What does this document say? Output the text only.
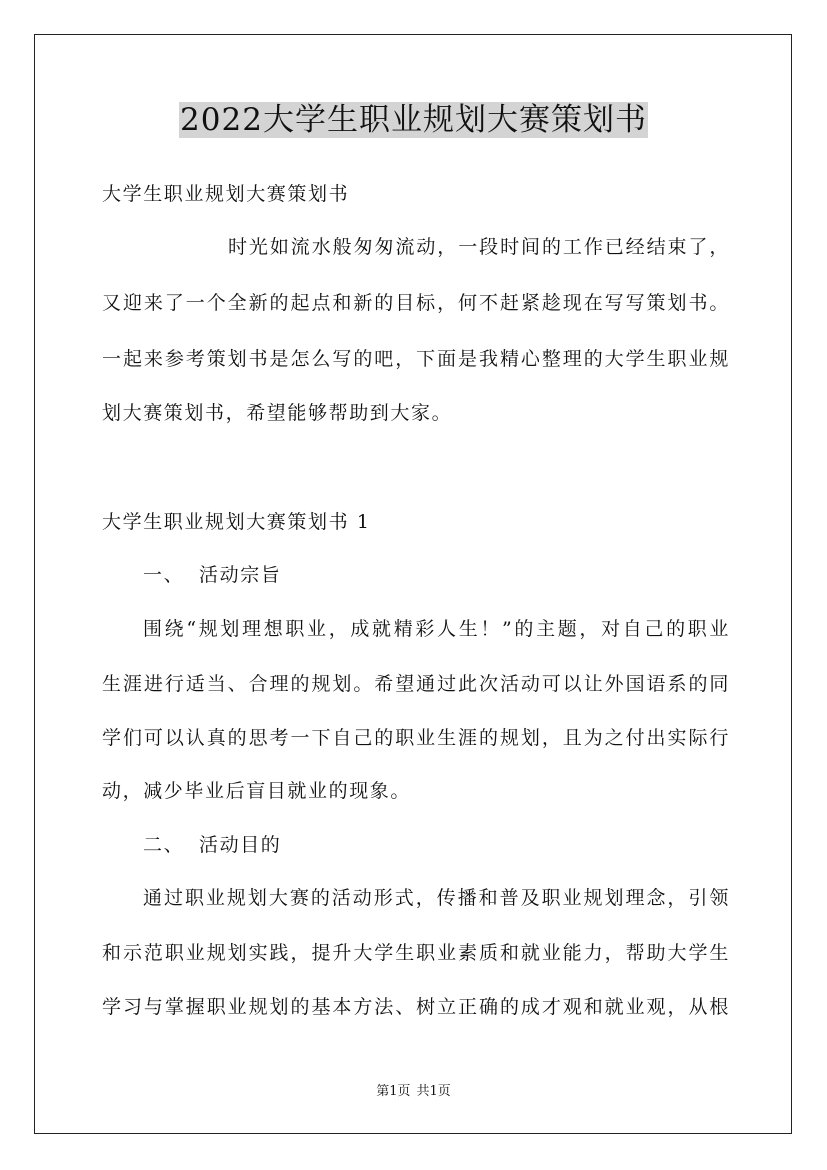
2022大学生职业规划大赛策划书
大学生职业规划大赛策划书
时光如流水般匆匆流动，一段时间的工作已经结束了，
又迎来了一个全新的起点和新的目标，何不赶紧趁现在写写策划书。
一起来参考策划书是怎么写的吧，下面是我精心整理的大学生职业规
划大赛策划书，希望能够帮助到大家。
大学生职业规划大赛策划书 1
一、 活动宗旨
围绕“规划理想职业，成就精彩人生！”的主题，对自己的职业
生涯进行适当、合理的规划。希望通过此次活动可以让外国语系的同
学们可以认真的思考一下自己的职业生涯的规划，且为之付出实际行
动，减少毕业后盲目就业的现象。
二、 活动目的
通过职业规划大赛的活动形式，传播和普及职业规划理念，引领
和示范职业规划实践，提升大学生职业素质和就业能力，帮助大学生
学习与掌握职业规划的基本方法、树立正确的成才观和就业观，从根
第1页 共1页
